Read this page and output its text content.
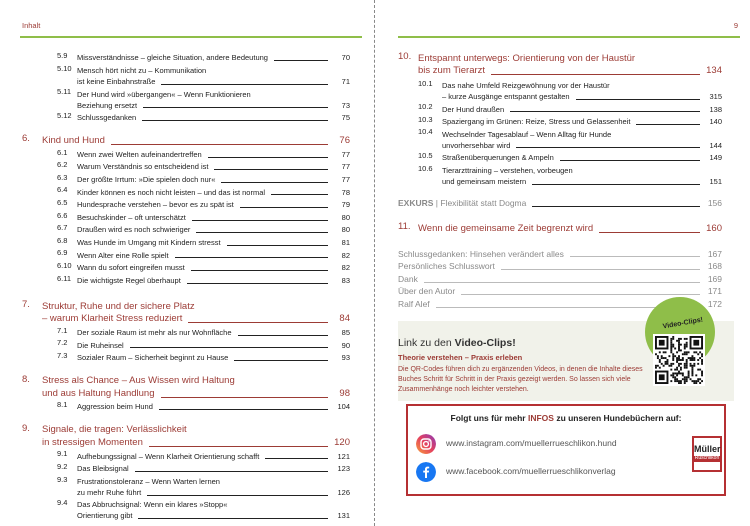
Inhalt
5.9	Missverständnisse – gleiche Situation, andere Bedeutung	70
5.10 Mensch hört nicht zu – Kommunikation
ist keine Einbahnstraße	71
5.11 Der Hund wird »übergangen« – Wenn Funktionieren
Beziehung ersetzt	73
5.12 Schlussgedanken	75
6.	Kind und Hund	76
6.1	Wenn zwei Welten aufeinandertreffen	77
6.2	Warum Verständnis so entscheidend ist	77
6.3	Der größte Irrtum: »Die spielen doch nur«	77
6.4	Kinder können es noch nicht leisten – und das ist normal	78
6.5	Hundesprache verstehen – bevor es zu spät ist	79
6.6	Besuchskinder – oft unterschätzt	80
6.7	Draußen wird es noch schwieriger	80
6.8	Was Hunde im Umgang mit Kindern stresst	81
6.9	Wenn Alter eine Rolle spielt	82
6.10 Wann du sofort eingreifen musst	82
6.11 Die wichtigste Regel überhaupt	83
7.	Struktur, Ruhe und der sichere Platz
– warum Klarheit Stress reduziert	84
7.1	Der soziale Raum ist mehr als nur Wohnfläche	85
7.2	Die Ruheinsel	90
7.3	Sozialer Raum – Sicherheit beginnt zu Hause	93
8.	Stress als Chance – Aus Wissen wird Haltung
und aus Haltung Handlung	98
8.1	Aggression beim Hund	104
9.	Signale, die tragen: Verlässlichkeit
in stressigen Momenten	120
9.1	Aufhebungssignal – Wenn Klarheit Orientierung schafft	121
9.2	Das Bleibsignal	123
9.3	Frustrationstoleranz – Wenn Warten lernen
zu mehr Ruhe führt	126
9.4	Das Abbruchsignal: Wenn ein klares »Stopp«
Orientierung gibt	131
9
10. Entspannt unterwegs: Orientierung von der Haustür
bis zum Tierarzt	134
10.1	Das nahe Umfeld Reizgewöhnung vor der Haustür
– kurze Ausgänge entspannt gestalten	315
10.2	Der Hund draußen	138
10.3	Spaziergang im Grünen: Reize, Stress und Gelassenheit	140
10.4	Wechselnder Tagesablauf – Wenn Alltag für Hunde
unvorhersehbar wird	144
10.5	Straßenüberquerungen & Ampeln	149
10.6	Tierarzttraining – verstehen, vorbeugen
und gemeinsam meistern	151
EXKURS | Flexibilität statt Dogma	156
11. Wenn die gemeinsame Zeit begrenzt wird	160
Schlussgedanken: Hinsehen verändert alles	167
Persönliches Schlusswort	168
Dank	169
Über den Autor	171
Ralf Alef	172
Link zu den Video-Clips!
Theorie verstehen – Praxis erleben
Die QR-Codes führen dich zu ergänzenden Videos, in denen die Inhalte dieses Buches Schritt für Schritt in der Praxis gezeigt werden. So lassen sich viele Zusammenhänge noch leichter verstehen.
Video-Clips!
Folgt uns für mehr INFOS zu unseren Hundebüchern auf:
www.instagram.com/muellerrueschlikon.hund
www.facebook.com/muellerrueschlikonverlag
Müller
Rüschlikon
